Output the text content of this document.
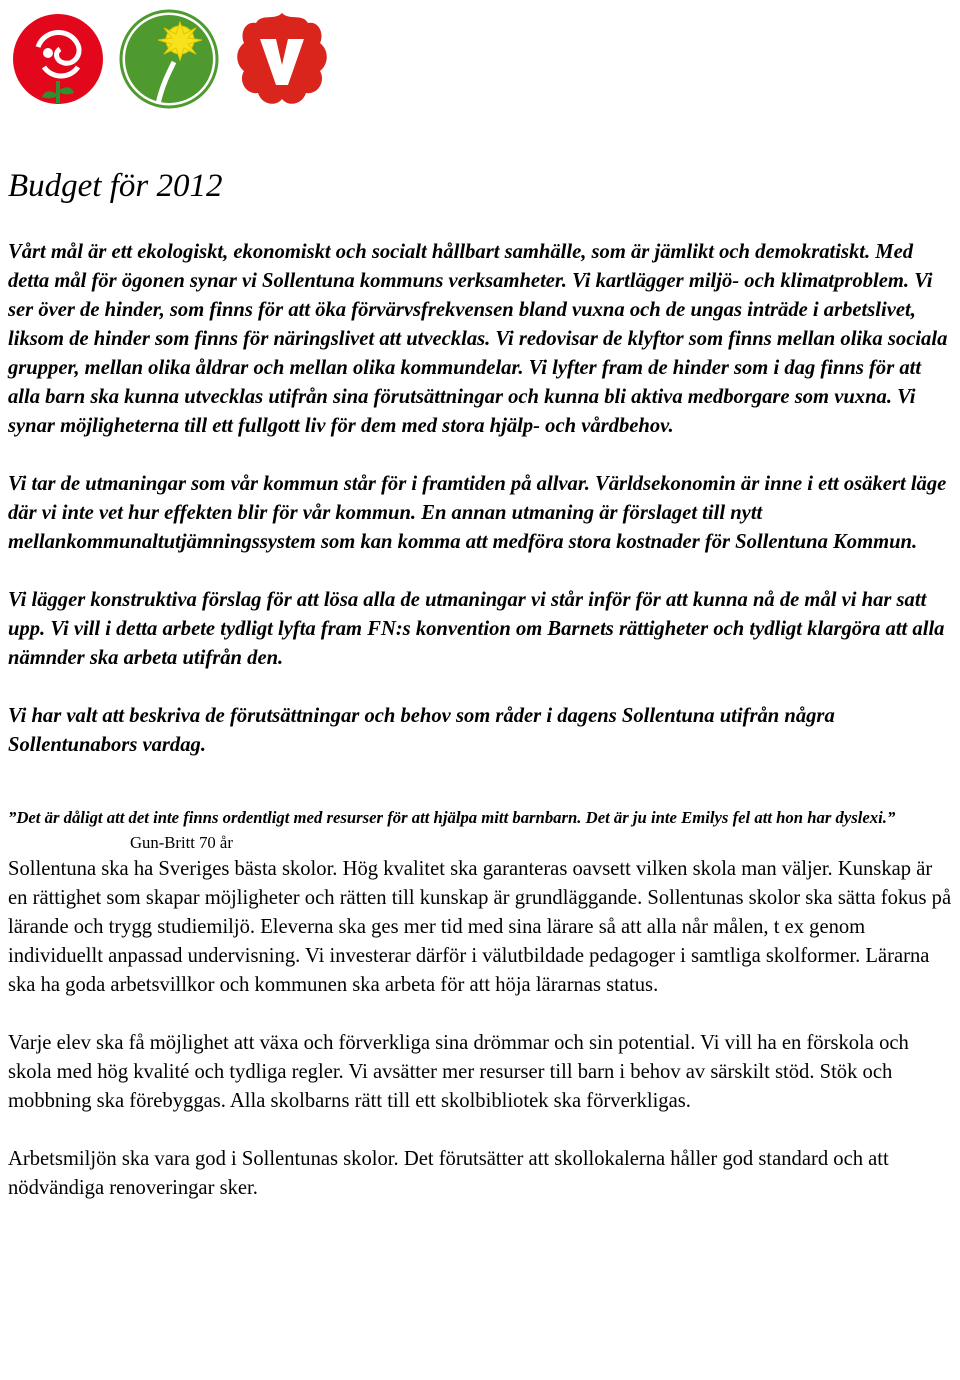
Budget för 2012

Vårt mål är ett ekologiskt, ekonomiskt och socialt hållbart samhälle, som är jämlikt och demokratiskt. Med detta mål för ögonen synar vi Sollentuna kommuns verksamheter. Vi kartlägger miljö- och klimatproblem. Vi ser över de hinder, som finns för att öka förvärvsfrekvensen bland vuxna och de ungas inträde i arbetslivet, liksom de hinder som finns för näringslivet att utvecklas. Vi redovisar de klyftor som finns mellan olika sociala grupper, mellan olika åldrar och mellan olika kommundelar. Vi lyfter fram de hinder som i dag finns för att alla barn ska kunna utvecklas utifrån sina förutsättningar och kunna bli aktiva medborgare som vuxna. Vi synar möjligheterna till ett fullgott liv för dem med stora hjälp- och vårdbehov.

Vi tar de utmaningar som vår kommun står för i framtiden på allvar. Världsekonomin är inne i ett osäkert läge där vi inte vet hur effekten blir för vår kommun. En annan utmaning är förslaget till nytt mellankommunaltutjämningssystem som kan komma att medföra stora kostnader för Sollentuna Kommun.

Vi lägger konstruktiva förslag för att lösa alla de utmaningar vi står inför för att kunna nå de mål vi har satt upp. Vi vill i detta arbete tydligt lyfta fram FN:s konvention om Barnets rättigheter och tydligt klargöra att alla nämnder ska arbeta utifrån den.

Vi har valt att beskriva de förutsättningar och behov som råder i dagens Sollentuna utifrån några Sollentunabors vardag.

”Det är dåligt att det inte finns ordentligt med resurser för att hjälpa mitt barnbarn. Det är ju inte Emilys fel att hon har dyslexi.”

Gun-Britt 70 år

Sollentuna ska ha Sveriges bästa skolor. Hög kvalitet ska garanteras oavsett vilken skola man väljer. Kunskap är en rättighet som skapar möjligheter och rätten till kunskap är grundläggande. Sollentunas skolor ska sätta fokus på lärande och trygg studiemiljö. Eleverna ska ges mer tid med sina lärare så att alla når målen, t ex genom individuellt anpassad undervisning. Vi investerar därför i välutbildade pedagoger i samtliga skolformer. Lärarna ska ha goda arbetsvillkor och kommunen ska arbeta för att höja lärarnas status.

Varje elev ska få möjlighet att växa och förverkliga sina drömmar och sin potential. Vi vill ha en förskola och skola med hög kvalité och tydliga regler. Vi avsätter mer resurser till barn i behov av särskilt stöd. Stök och mobbning ska förebyggas. Alla skolbarns rätt till ett skolbibliotek ska förverkligas.

Arbetsmiljön ska vara god i Sollentunas skolor. Det förutsätter att skollokalerna håller god standard och att nödvändiga renoveringar sker.
